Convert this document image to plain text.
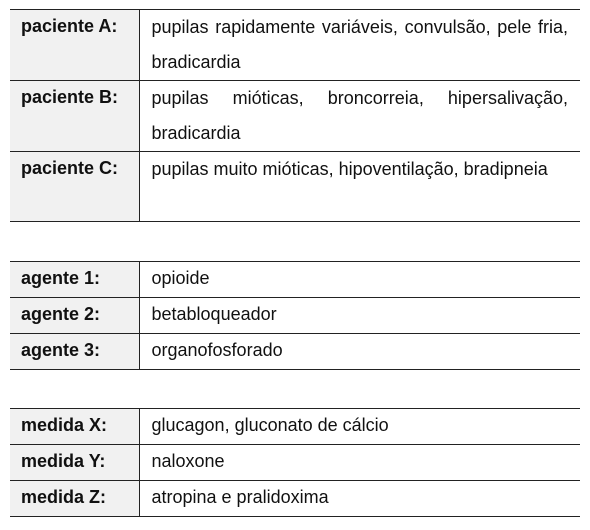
paciente A:	pupilas rapidamente variáveis, convulsão, pele fria, bradicardia
paciente B:	pupilas mióticas, broncorreia, hipersalivação, bradicardia
paciente C:	pupilas muito mióticas, hipoventilação, bradipneia
agente 1:	opioide
agente 2:	betabloqueador
agente 3:	organofosforado
medida X:	glucagon, gluconato de cálcio
medida Y:	naloxone
medida Z:	atropina e pralidoxima
